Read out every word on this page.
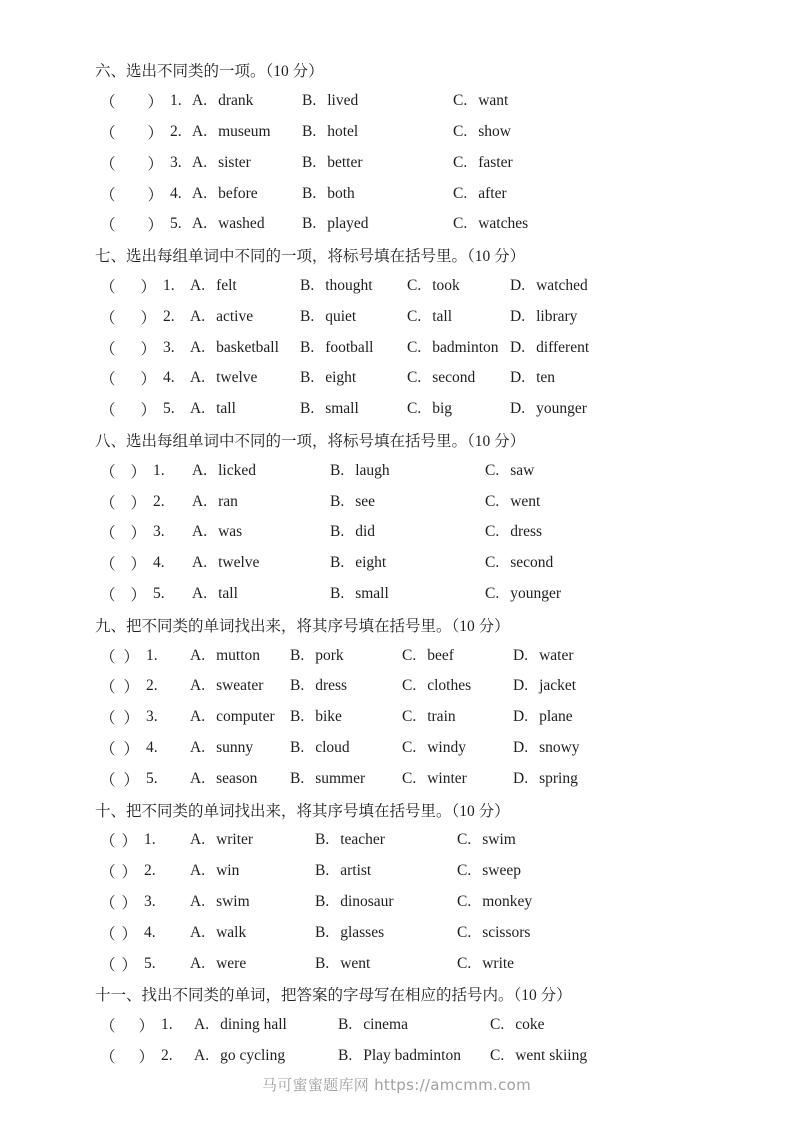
六、选出不同类的一项。（10 分）
（ ） 1. A. drank	B. lived	C. want
（ ） 2. A. museum B. hotel	C. show
（ ） 3. A. sister	B. better	C. faster
（ ） 4. A. before	B. both	C. after
（ ） 5. A. washed B. played	C. watches
七、选出每组单词中不同的一项，将标号填在括号里。（10 分）
（ ） 1. A. felt	B. thought C. took	D. watched
（ ） 2. A. active	B. quiet	C. tall	D. library
（ ） 3. A. basketball B. football C. badminton D. different
（ ） 4. A. twelve	B. eight	C. second D. ten
（ ） 5. A. tall	B. small	C. big	D. younger
八、选出每组单词中不同的一项，将标号填在括号里。（10 分）
（ ） 1. A. licked	B. laugh	C. saw
（ ） 2. A. ran	B. see	C. went
（ ） 3. A. was	B. did	C. dress
（ ） 4. A. twelve	B. eight	C. second
（ ） 5. A. tall	B. small	C. younger
九、把不同类的单词找出来，将其序号填在括号里。（10 分）
（ ） 1. A. mutton B. pork	C. beef	D. water
（ ） 2. A. sweater B. dress	C. clothes	D. jacket
（ ） 3. A. computer B. bike	C. train	D. plane
（ ） 4. A. sunny B. cloud	C. windy	D. snowy
（ ） 5. A. season B. summer C. winter	D. spring
十、把不同类的单词找出来，将其序号填在括号里。（10 分）
（ ） 1. A. writer	B. teacher	C. swim
（ ） 2. A. win	B. artist	C. sweep
（ ） 3. A. swim	B. dinosaur	C. monkey
（ ） 4. A. walk	B. glasses	C. scissors
（ ） 5. A. were	B. went	C. write
十一、找出不同类的单词，把答案的字母写在相应的括号内。（10 分）
（ ） 1. A. dining hall	B. cinema	C. coke
（ ） 2. A. go cycling	B. Play badminton C. went skiing
马可蜜蜜题库网 https://amcmm.com
